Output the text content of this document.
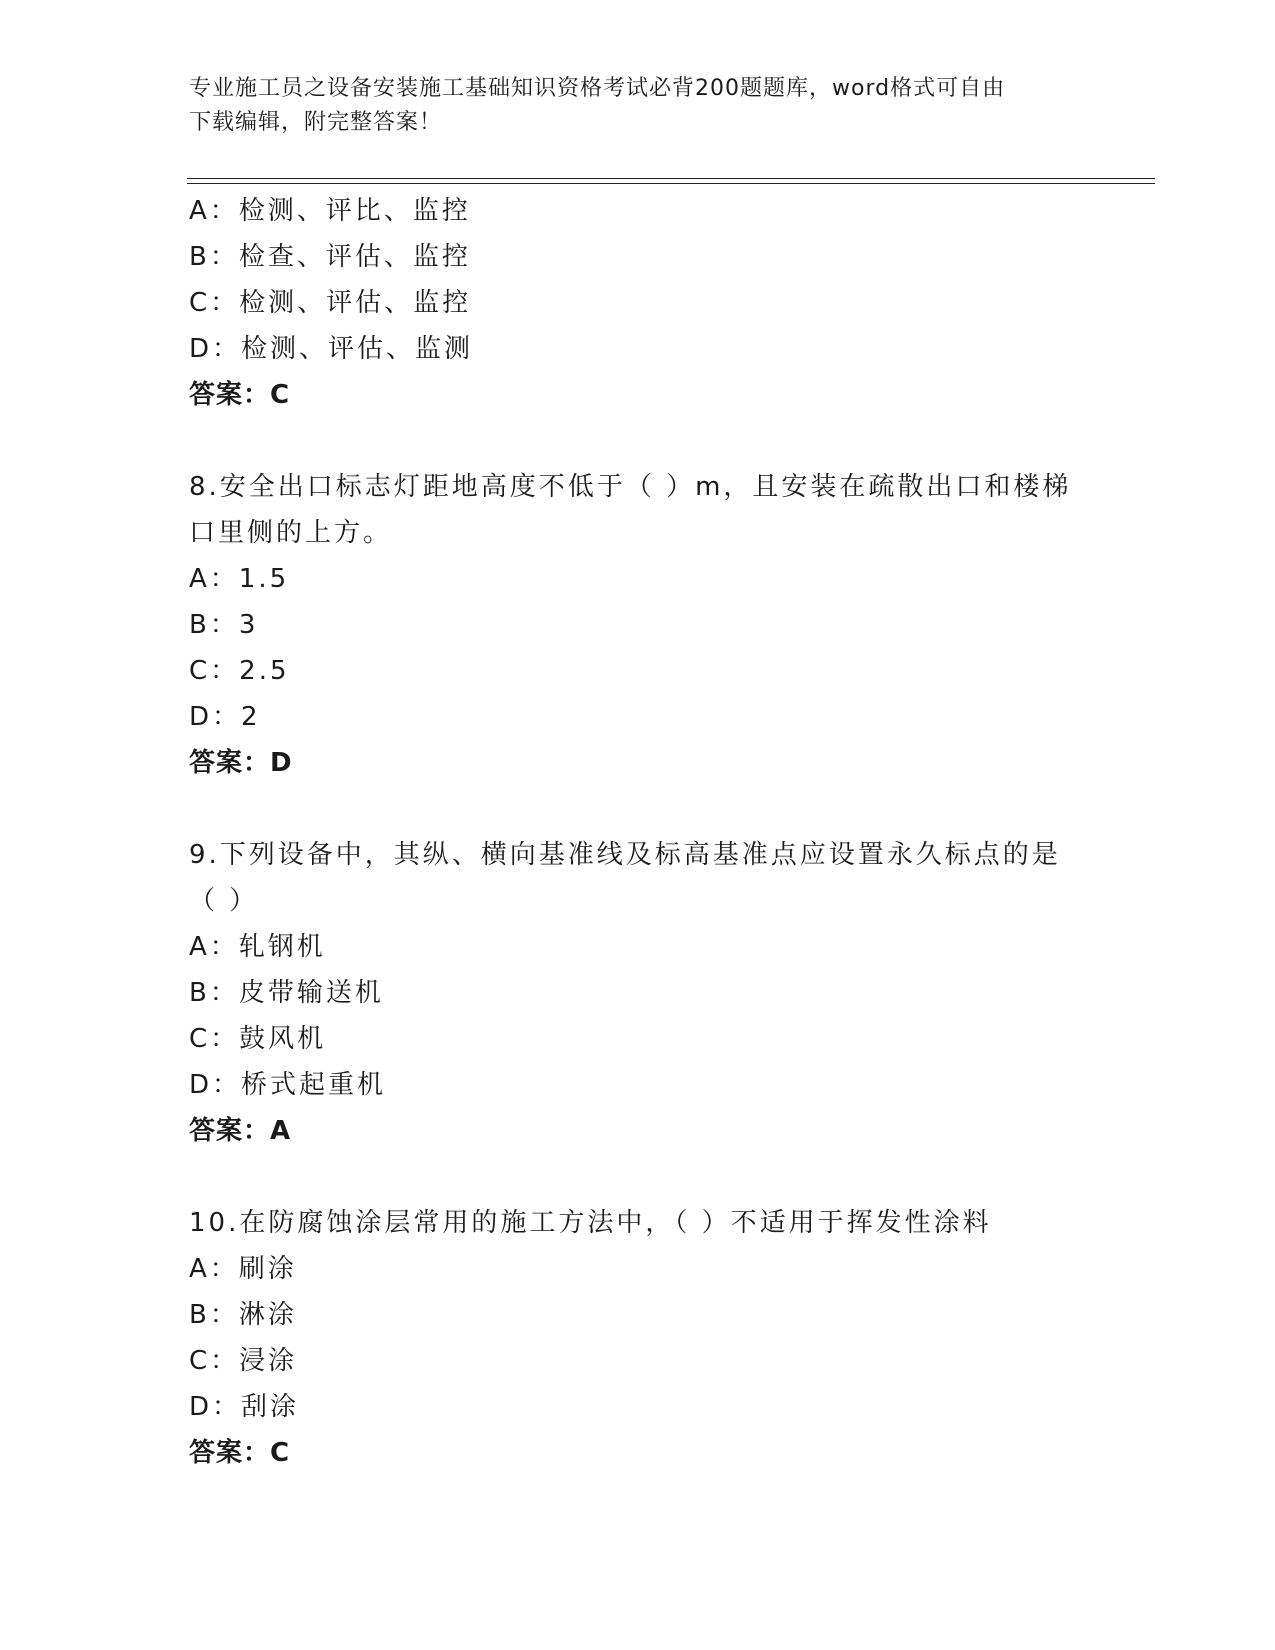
专业施工员之设备安装施工基础知识资格考试必背200题题库，word格式可自由
下载编辑，附完整答案！
A：检测、评比、监控
B：检查、评估、监控
C：检测、评估、监控
D：检测、评估、监测
答案：C
8.安全出口标志灯距地高度不低于（ ）m，且安装在疏散出口和楼梯
口里侧的上方。
A：1.5
B：3
C：2.5
D：2
答案：D
9.下列设备中，其纵、横向基准线及标高基准点应设置永久标点的是
（ ）
A：轧钢机
B：皮带输送机
C：鼓风机
D：桥式起重机
答案：A
10.在防腐蚀涂层常用的施工方法中，（ ）不适用于挥发性涂料
A：刷涂
B：淋涂
C：浸涂
D：刮涂
答案：C
